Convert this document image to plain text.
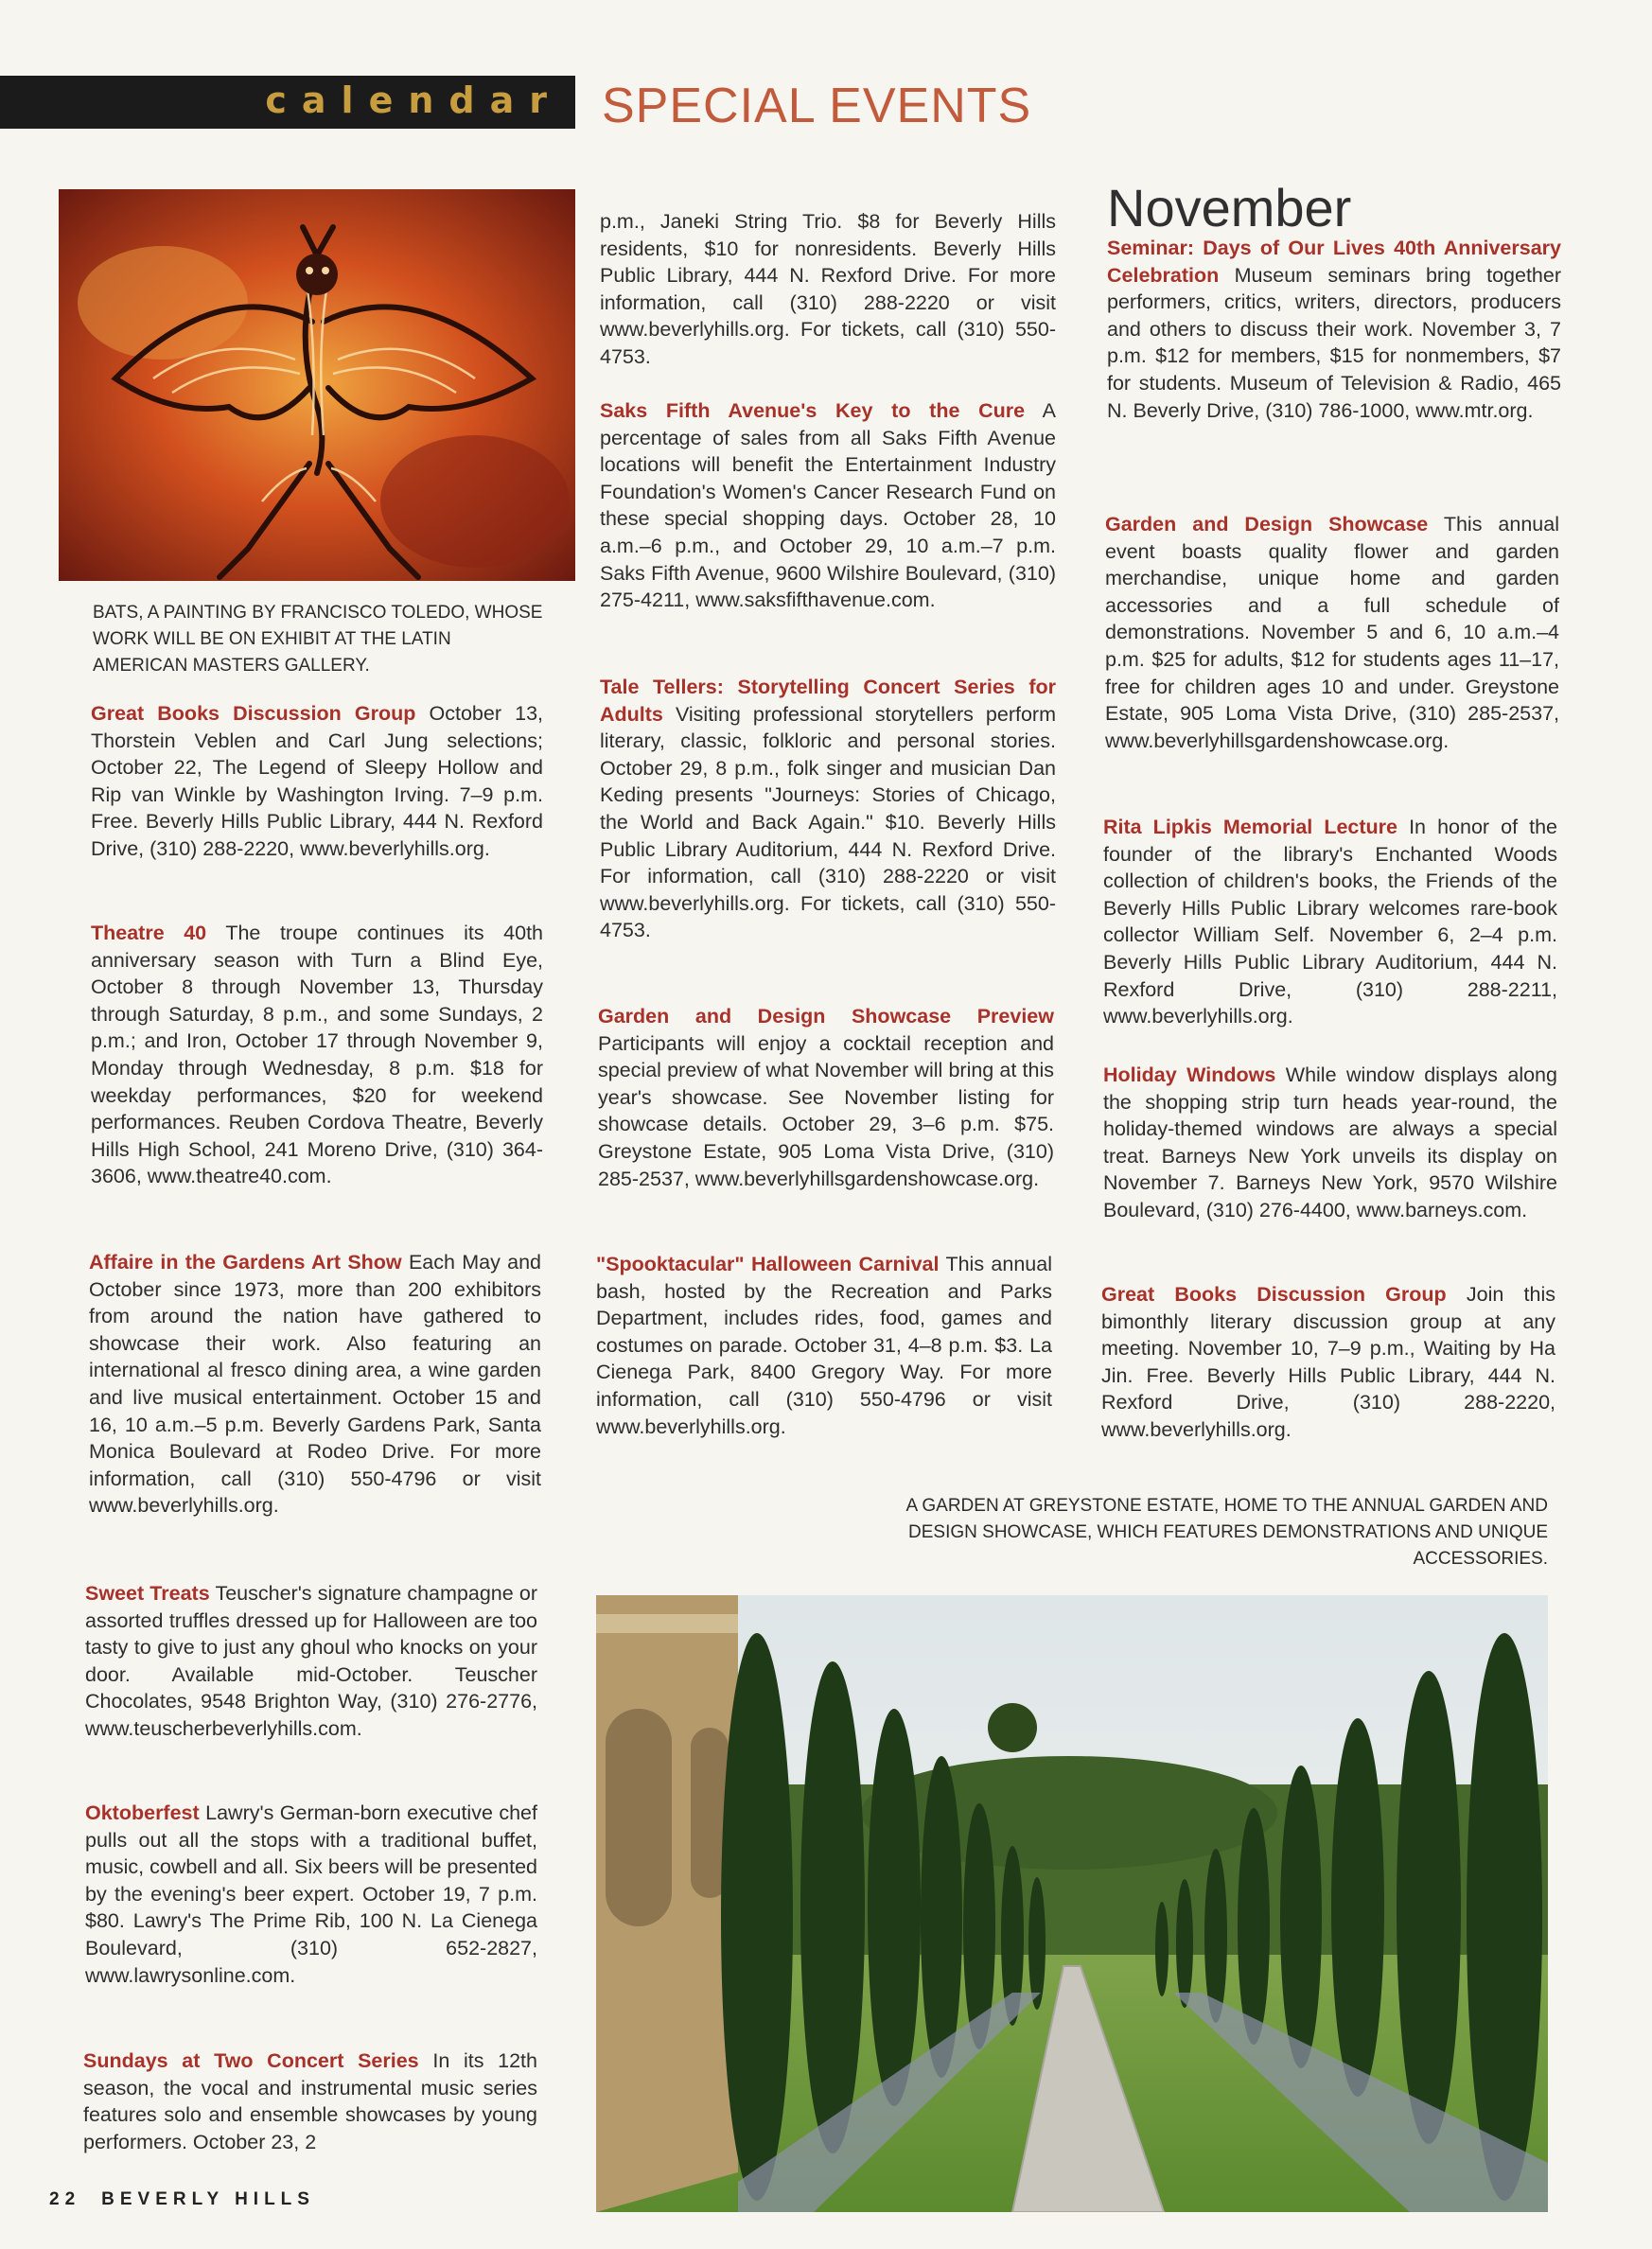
calendar SPECIAL EVENTS
BATS, A PAINTING BY FRANCISCO TOLEDO, WHOSE WORK WILL BE ON EXHIBIT AT THE LATIN AMERICAN MASTERS GALLERY.

Great Books Discussion Group October 13, Thorstein Veblen and Carl Jung selections; October 22, The Legend of Sleepy Hollow and Rip van Winkle by Washington Irving. 7–9 p.m. Free. Beverly Hills Public Library, 444 N. Rexford Drive, (310) 288-2220, www.beverlyhills.org.

Theatre 40 The troupe continues its 40th anniversary season with Turn a Blind Eye, October 8 through November 13, Thursday through Saturday, 8 p.m., and some Sundays, 2 p.m.; and Iron, October 17 through November 9, Monday through Wednesday, 8 p.m. $18 for weekday performances, $20 for weekend performances. Reuben Cordova Theatre, Beverly Hills High School, 241 Moreno Drive, (310) 364-3606, www.theatre40.com.

Affaire in the Gardens Art Show Each May and October since 1973, more than 200 exhibitors from around the nation have gathered to showcase their work. Also featuring an international al fresco dining area, a wine garden and live musical entertainment. October 15 and 16, 10 a.m.–5 p.m. Beverly Gardens Park, Santa Monica Boulevard at Rodeo Drive. For more information, call (310) 550-4796 or visit www.beverlyhills.org.

Sweet Treats Teuscher's signature champagne or assorted truffles dressed up for Halloween are too tasty to give to just any ghoul who knocks on your door. Available mid-October. Teuscher Chocolates, 9548 Brighton Way, (310) 276-2776, www.teuscherbeverlyhills.com.

Oktoberfest Lawry's German-born executive chef pulls out all the stops with a traditional buffet, music, cowbell and all. Six beers will be presented by the evening's beer expert. October 19, 7 p.m. $80. Lawry's The Prime Rib, 100 N. La Cienega Boulevard, (310) 652-2827, www.lawrysonline.com.

Sundays at Two Concert Series In its 12th season, the vocal and instrumental music series features solo and ensemble showcases by young performers. October 23, 2

p.m., Janeki String Trio. $8 for Beverly Hills residents, $10 for nonresidents. Beverly Hills Public Library, 444 N. Rexford Drive. For more information, call (310) 288-2220 or visit www.beverlyhills.org. For tickets, call (310) 550-4753.

Saks Fifth Avenue's Key to the Cure A percentage of sales from all Saks Fifth Avenue locations will benefit the Entertainment Industry Foundation's Women's Cancer Research Fund on these special shopping days. October 28, 10 a.m.–6 p.m., and October 29, 10 a.m.–7 p.m. Saks Fifth Avenue, 9600 Wilshire Boulevard, (310) 275-4211, www.saksfifthavenue.com.

Tale Tellers: Storytelling Concert Series for Adults Visiting professional storytellers perform literary, classic, folkloric and personal stories. October 29, 8 p.m., folk singer and musician Dan Keding presents "Journeys: Stories of Chicago, the World and Back Again." $10. Beverly Hills Public Library Auditorium, 444 N. Rexford Drive. For information, call (310) 288-2220 or visit www.beverlyhills.org. For tickets, call (310) 550-4753.

Garden and Design Showcase Preview Participants will enjoy a cocktail reception and special preview of what November will bring at this year's showcase. See November listing for showcase details. October 29, 3–6 p.m. $75. Greystone Estate, 905 Loma Vista Drive, (310) 285-2537, www.beverlyhillsgardenshowcase.org.

"Spooktacular" Halloween Carnival This annual bash, hosted by the Recreation and Parks Department, includes rides, food, games and costumes on parade. October 31, 4–8 p.m. $3. La Cienega Park, 8400 Gregory Way. For more information, call (310) 550-4796 or visit www.beverlyhills.org.

November

Seminar: Days of Our Lives 40th Anniversary Celebration Museum seminars bring together performers, critics, writers, directors, producers and others to discuss their work. November 3, 7 p.m. $12 for members, $15 for nonmembers, $7 for students. Museum of Television & Radio, 465 N. Beverly Drive, (310) 786-1000, www.mtr.org.

Garden and Design Showcase This annual event boasts quality flower and garden merchandise, unique home and garden accessories and a full schedule of demonstrations. November 5 and 6, 10 a.m.–4 p.m. $25 for adults, $12 for students ages 11–17, free for children ages 10 and under. Greystone Estate, 905 Loma Vista Drive, (310) 285-2537, www.beverlyhillsgardenshowcase.org.

Rita Lipkis Memorial Lecture In honor of the founder of the library's Enchanted Woods collection of children's books, the Friends of the Beverly Hills Public Library welcomes rare-book collector William Self. November 6, 2–4 p.m. Beverly Hills Public Library Auditorium, 444 N. Rexford Drive, (310) 288-2211, www.beverlyhills.org.

Holiday Windows While window displays along the shopping strip turn heads year-round, the holiday-themed windows are always a special treat. Barneys New York unveils its display on November 7. Barneys New York, 9570 Wilshire Boulevard, (310) 276-4400, www.barneys.com.

Great Books Discussion Group Join this bimonthly literary discussion group at any meeting. November 10, 7–9 p.m., Waiting by Ha Jin. Free. Beverly Hills Public Library, 444 N. Rexford Drive, (310) 288-2220, www.beverlyhills.org.

A GARDEN AT GREYSTONE ESTATE, HOME TO THE ANNUAL GARDEN AND DESIGN SHOWCASE, WHICH FEATURES DEMONSTRATIONS AND UNIQUE ACCESSORIES.
22 BEVERLY HILLS
